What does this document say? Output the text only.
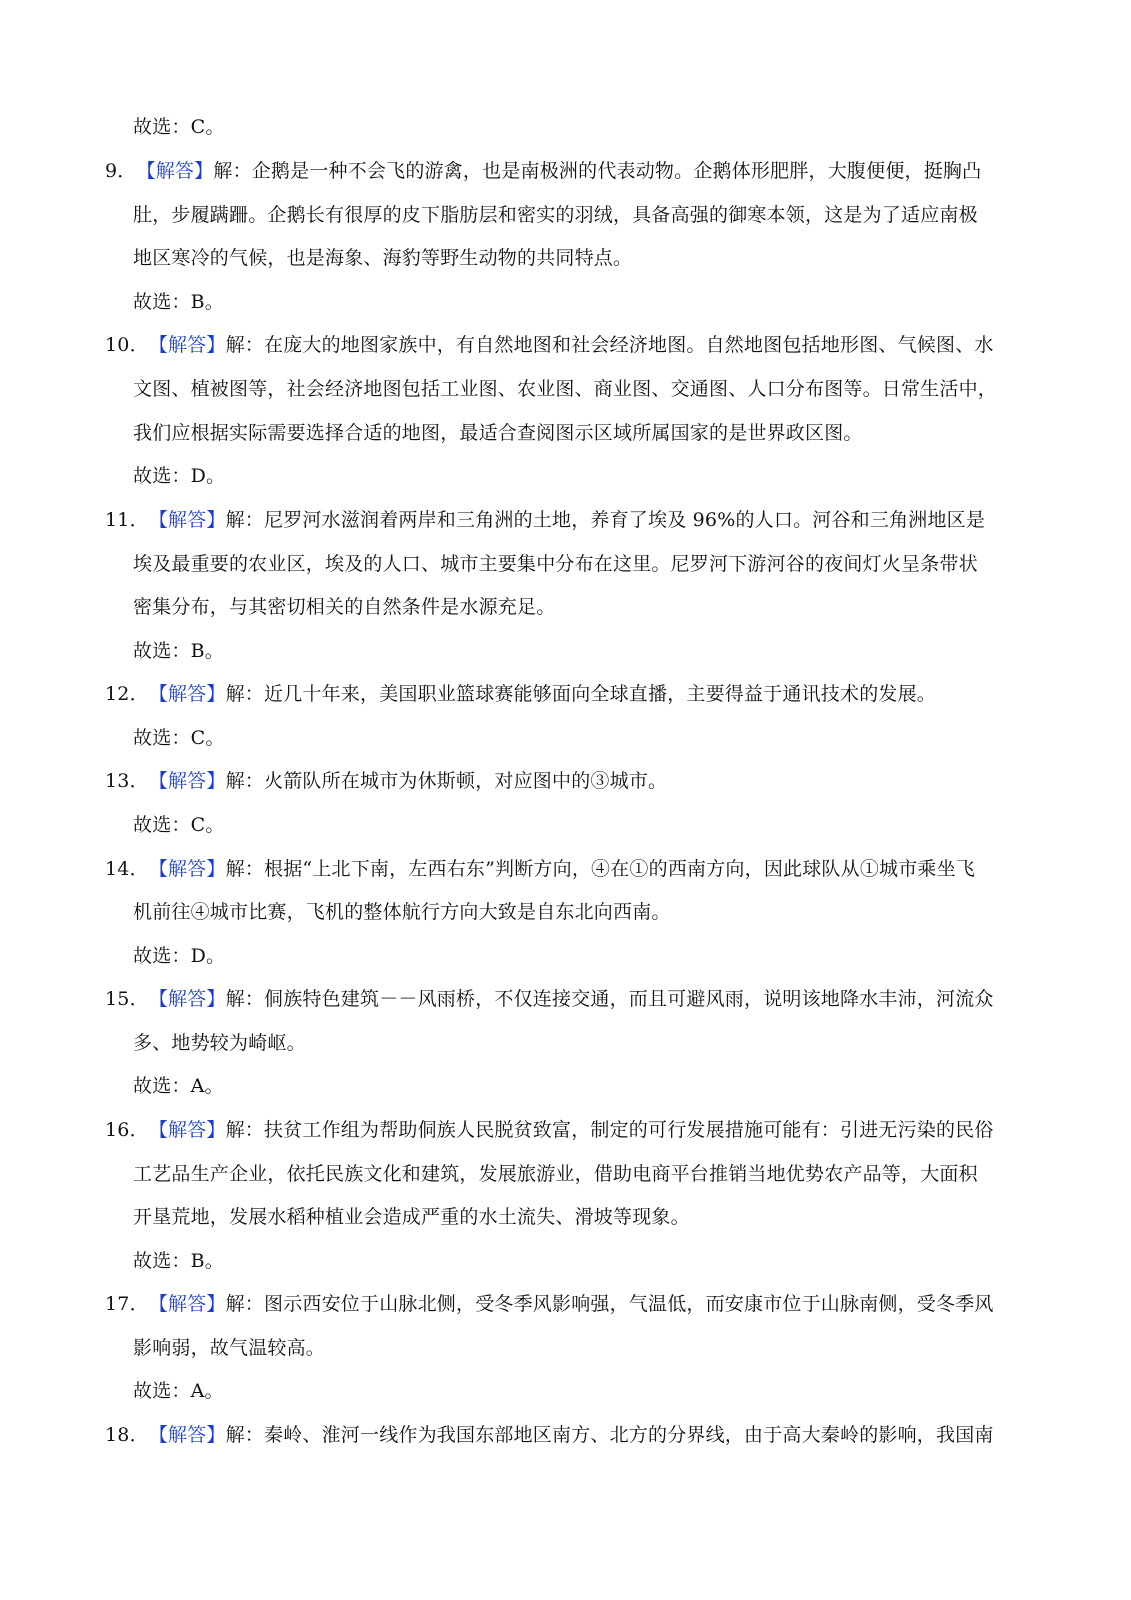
故选：C。
9．【解答】解：企鹅是一种不会飞的游禽，也是南极洲的代表动物。企鹅体形肥胖，大腹便便，挺胸凸
肚，步履蹒跚。企鹅长有很厚的皮下脂肪层和密实的羽绒，具备高强的御寒本领，这是为了适应南极
地区寒冷的气候，也是海象、海豹等野生动物的共同特点。
故选：B。
10．【解答】解：在庞大的地图家族中，有自然地图和社会经济地图。自然地图包括地形图、气候图、水
文图、植被图等，社会经济地图包括工业图、农业图、商业图、交通图、人口分布图等。日常生活中，
我们应根据实际需要选择合适的地图，最适合查阅图示区域所属国家的是世界政区图。
故选：D。
11．【解答】解：尼罗河水滋润着两岸和三角洲的土地，养育了埃及 96%的人口。河谷和三角洲地区是
埃及最重要的农业区，埃及的人口、城市主要集中分布在这里。尼罗河下游河谷的夜间灯火呈条带状
密集分布，与其密切相关的自然条件是水源充足。
故选：B。
12．【解答】解：近几十年来，美国职业篮球赛能够面向全球直播，主要得益于通讯技术的发展。
故选：C。
13．【解答】解：火箭队所在城市为休斯顿，对应图中的③城市。
故选：C。
14．【解答】解：根据“上北下南，左西右东”判断方向，④在①的西南方向，因此球队从①城市乘坐飞
机前往④城市比赛，飞机的整体航行方向大致是自东北向西南。
故选：D。
15．【解答】解：侗族特色建筑－－风雨桥，不仅连接交通，而且可避风雨，说明该地降水丰沛，河流众
多、地势较为崎岖。
故选：A。
16．【解答】解：扶贫工作组为帮助侗族人民脱贫致富，制定的可行发展措施可能有：引进无污染的民俗
工艺品生产企业，依托民族文化和建筑，发展旅游业，借助电商平台推销当地优势农产品等，大面积
开垦荒地，发展水稻种植业会造成严重的水土流失、滑坡等现象。
故选：B。
17．【解答】解：图示西安位于山脉北侧，受冬季风影响强，气温低，而安康市位于山脉南侧，受冬季风
影响弱，故气温较高。
故选：A。
18．【解答】解：秦岭、淮河一线作为我国东部地区南方、北方的分界线，由于高大秦岭的影响，我国南
